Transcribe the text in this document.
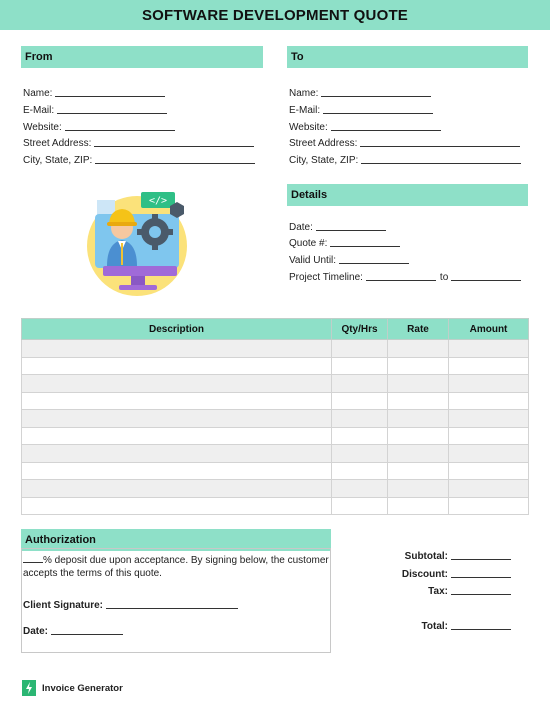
SOFTWARE DEVELOPMENT QUOTE
From
Name:
E-Mail:
Website:
Street Address:
City, State, ZIP:
To
Name:
E-Mail:
Website:
Street Address:
City, State, ZIP:
</>	Details
Date:
Quote #:
Valid Until:
Project Timeline:	to
Description	Qty/Hrs	Rate	Amount

Authorization
% deposit due upon acceptance. By signing below, the customer accepts the terms of this quote.
Client Signature:
Date:
Subtotal:
Discount:
Tax:
Total:
Invoice Generator
